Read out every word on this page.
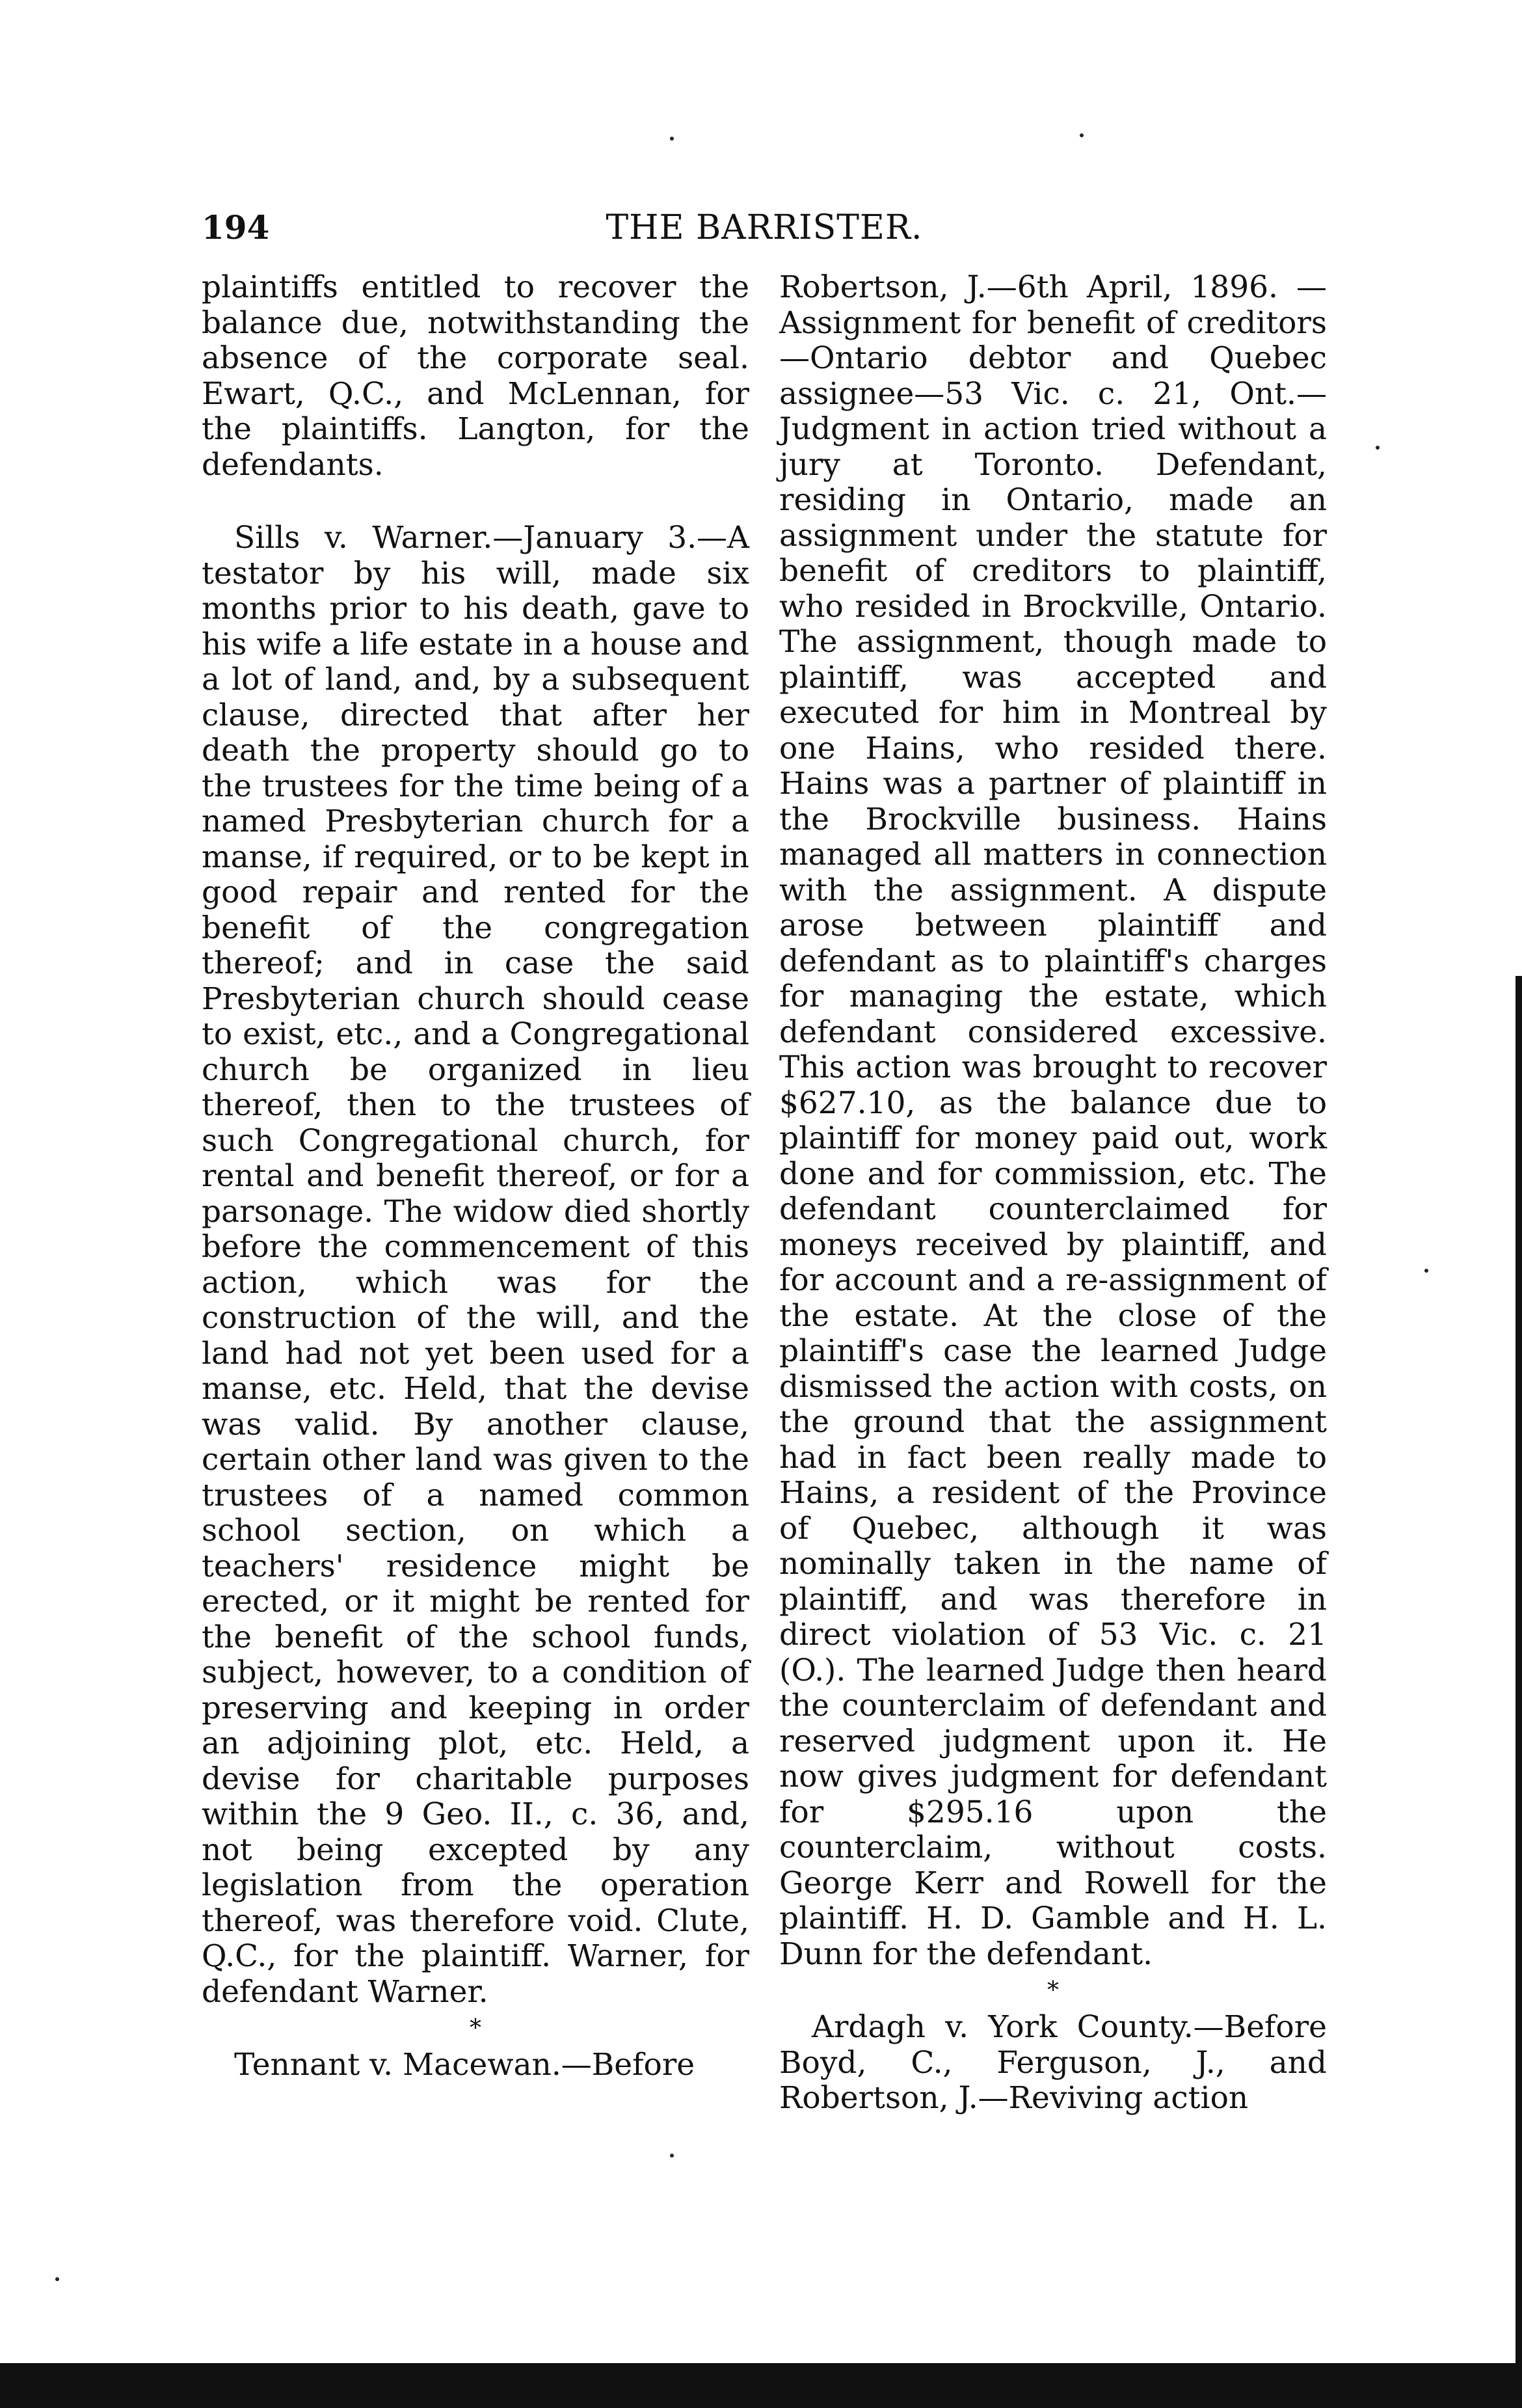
194	THE BARRISTER.

plaintiffs entitled to recover the balance due, notwithstanding the absence of the corporate seal. Ewart, Q.C., and McLennan, for the plaintiffs. Langton, for the defendants.

Sills v. Warner.—January 3.—A testator by his will, made six months prior to his death, gave to his wife a life estate in a house and a lot of land, and, by a subsequent clause, directed that after her death the property should go to the trustees for the time being of a named Presbyterian church for a manse, if required, or to be kept in good repair and rented for the benefit of the congregation thereof; and in case the said Presbyterian church should cease to exist, etc., and a Congregational church be organized in lieu thereof, then to the trustees of such Congregational church, for rental and benefit thereof, or for a parsonage. The widow died shortly before the commencement of this action, which was for the construction of the will, and the land had not yet been used for a manse, etc. Held, that the devise was valid. By another clause, certain other land was given to the trustees of a named common school section, on which a teachers' residence might be erected, or it might be rented for the benefit of the school funds, subject, however, to a condition of preserving and keeping in order an adjoining plot, etc. Held, a devise for charitable purposes within the 9 Geo. II., c. 36, and, not being excepted by any legislation from the operation thereof, was therefore void. Clute, Q.C., for the plaintiff. Warner, for defendant Warner.

*

Tennant v. Macewan.—Before

Robertson, J.—6th April, 1896. —Assignment for benefit of creditors—Ontario debtor and Quebec assignee—53 Vic. c. 21, Ont.—Judgment in action tried without a jury at Toronto. Defendant, residing in Ontario, made an assignment under the statute for benefit of creditors to plaintiff, who resided in Brockville, Ontario. The assignment, though made to plaintiff, was accepted and executed for him in Montreal by one Hains, who resided there. Hains was a partner of plaintiff in the Brockville business. Hains managed all matters in connection with the assignment. A dispute arose between plaintiff and defendant as to plaintiff's charges for managing the estate, which defendant considered excessive. This action was brought to recover $627.10, as the balance due to plaintiff for money paid out, work done and for commission, etc. The defendant counterclaimed for moneys received by plaintiff, and for account and a re-assignment of the estate. At the close of the plaintiff's case the learned Judge dismissed the action with costs, on the ground that the assignment had in fact been really made to Hains, a resident of the Province of Quebec, although it was nominally taken in the name of plaintiff, and was therefore in direct violation of 53 Vic. c. 21 (O.). The learned Judge then heard the counterclaim of defendant and reserved judgment upon it. He now gives judgment for defendant for $295.16 upon the counterclaim, without costs. George Kerr and Rowell for the plaintiff. H. D. Gamble and H. L. Dunn for the defendant.

*

Ardagh v. York County.—Before Boyd, C., Ferguson, J., and Robertson, J.—Reviving action
